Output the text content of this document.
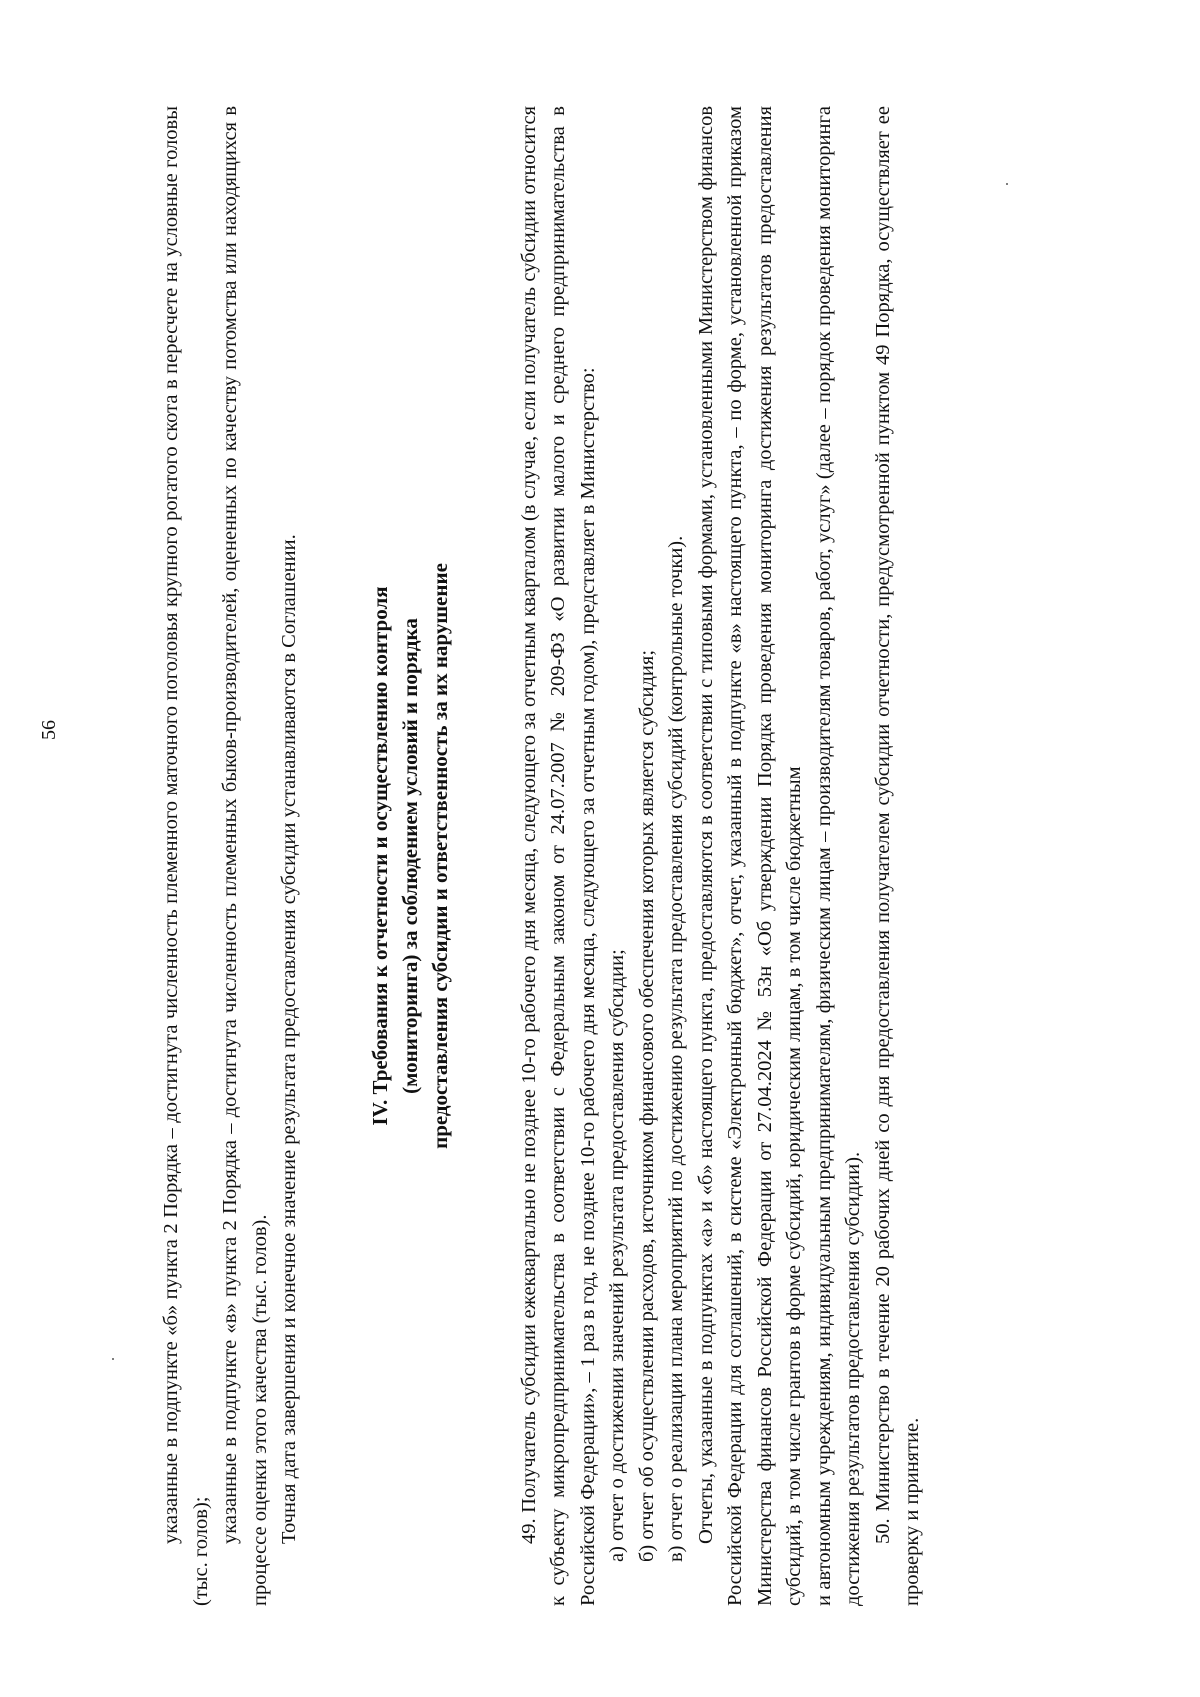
56	указанные в подпункте «б» пункта 2 Порядка – достигнута численность племенного маточного поголовья крупного рогатого скота в пересчете на условные головы (тыс. голов);

указанные в подпункте «в» пункта 2 Порядка – достигнута численность племенных быков-производителей, оцененных по качеству потомства или находящихся в процессе оценки этого качества (тыс. голов). Точная дата завершения и конечное значение результата предоставления субсидии устанавливаются в Соглашении.	IV. Требования к отчетности и осуществлению контроля (мониторинга) за соблюдением условий и порядка предоставления субсидии и ответственность за их нарушение	49. Получатель субсидии ежеквартально не позднее 10-го рабочего дня месяца, следующего за отчетным кварталом (в случае, если получатель субсидии относится к субъекту микропредпринимательства в соответствии с Федеральным законом от 24.07.2007 № 209-ФЗ «О развитии малого и среднего предпринимательства в Российской Федерации», – 1 раз в год, не позднее 10-го рабочего дня месяца, следующего за отчетным годом), представляет в Министерство: а) отчет о достижении значений результата предоставления субсидии; б) отчет об осуществлении расходов, источником финансового обеспечения которых является субсидия; в) отчет о реализации плана мероприятий по достижению результата предоставления субсидий (контрольные точки). Отчеты, указанные в подпунктах «а» и «б» настоящего пункта, предоставляются в соответствии с типовыми формами, установленными Министерством финансов Российской Федерации для соглашений, в системе «Электронный бюджет», отчет, указанный в подпункте «в» настоящего пункта, – по форме, установленной приказом Министерства финансов Российской Федерации от 27.04.2024 № 53н «Об утверждении Порядка проведения мониторинга достижения результатов предоставления субсидий, в том числе грантов в форме субсидий, юридическим лицам, в том числе бюджетным и автономным учреждениям, индивидуальным предпринимателям, физическим лицам – производителям товаров, работ, услуг» (далее – порядок проведения мониторинга достижения результатов предоставления субсидии). 50. Министерство в течение 20 рабочих дней со дня предоставления получателем субсидии отчетности, предусмотренной пунктом 49 Порядка, осуществляет ее проверку и принятие.
